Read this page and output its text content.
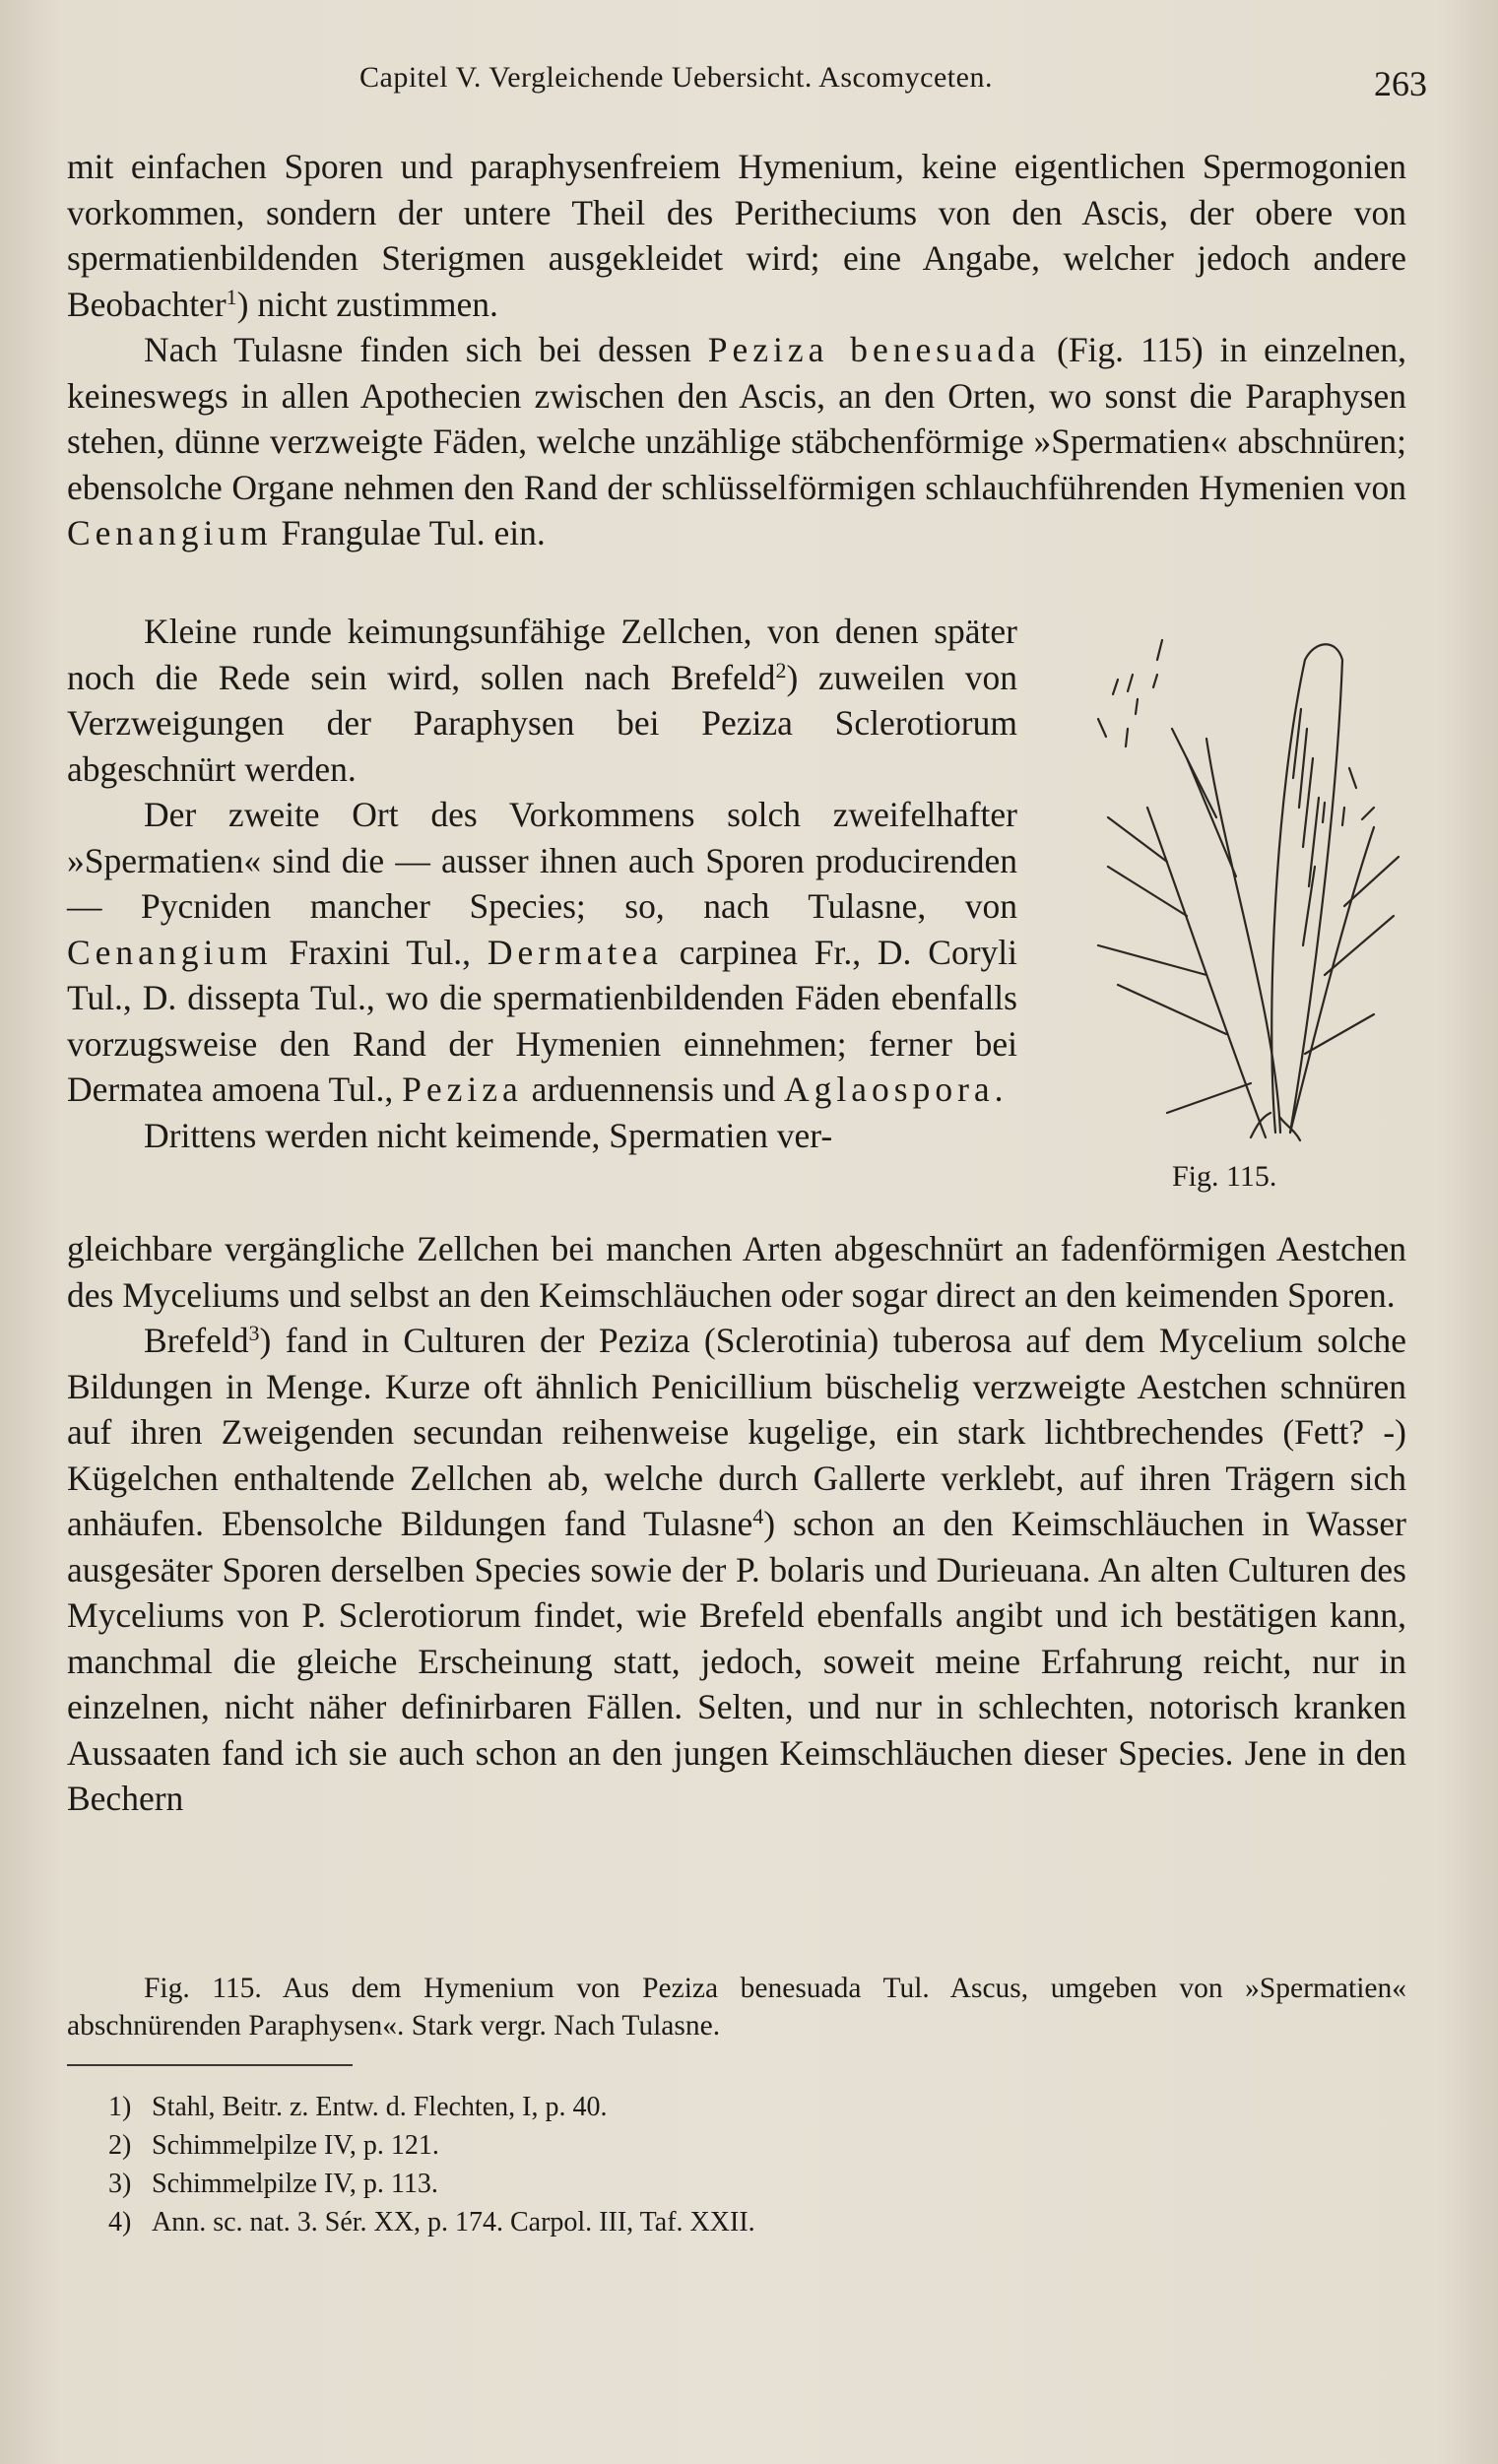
Capitel V. Vergleichende Uebersicht. Ascomyceten.	263
mit einfachen Sporen und paraphysenfreiem Hymenium, keine eigentlichen Spermogonien vorkommen, sondern der untere Theil des Peritheciums von den Ascis, der obere von spermatienbildenden Sterigmen ausgekleidet wird; eine Angabe, welcher jedoch andere Beobachter$^1$) nicht zustimmen.
Nach Tulasne finden sich bei dessen Peziza benesuada (Fig. 115) in einzelnen, keineswegs in allen Apothecien zwischen den Ascis, an den Orten, wo sonst die Paraphysen stehen, dünne verzweigte Fäden, welche unzählige stäbchenförmige »Spermatien« abschnüren; ebensolche Organe nehmen den Rand der schlüsselförmigen schlauchführenden Hymenien von Cenangium Frangulae Tul. ein.
Kleine runde keimungsunfähige Zellchen, von denen später noch die Rede sein wird, sollen nach Brefeld$^2$) zuweilen von Verzweigungen der Paraphysen bei Peziza Sclerotiorum abgeschnürt werden.
Der zweite Ort des Vorkommens solch zweifelhafter »Spermatien« sind die — ausser ihnen auch Sporen producirenden — Pycniden mancher Species; so, nach Tulasne, von Cenangium Fraxini Tul., Dermatea carpinea Fr., D. Coryli Tul., D. dissepta Tul., wo die spermatienbildenden Fäden ebenfalls vorzugsweise den Rand der Hymenien einnehmen; ferner bei Dermatea amoena Tul., Peziza arduennensis und Aglaospora.
Drittens werden nicht keimende, Spermatien ver-
Fig. 115.
gleichbare vergängliche Zellchen bei manchen Arten abgeschnürt an fadenförmigen Aestchen des Myceliums und selbst an den Keimschläuchen oder sogar direct an den keimenden Sporen.
Brefeld$^3$) fand in Culturen der Peziza (Sclerotinia) tuberosa auf dem Mycelium solche Bildungen in Menge. Kurze oft ähnlich Penicillium büschelig verzweigte Aestchen schnüren auf ihren Zweigenden secundan reihenweise kugelige, ein stark lichtbrechendes (Fett? -) Kügelchen enthaltende Zellchen ab, welche durch Gallerte verklebt, auf ihren Trägern sich anhäufen. Ebensolche Bildungen fand Tulasne$^4$) schon an den Keimschläuchen in Wasser ausgesäter Sporen derselben Species sowie der P. bolaris und Durieuana. An alten Culturen des Myceliums von P. Sclerotiorum findet, wie Brefeld ebenfalls angibt und ich bestätigen kann, manchmal die gleiche Erscheinung statt, jedoch, soweit meine Erfahrung reicht, nur in einzelnen, nicht näher definirbaren Fällen. Selten, und nur in schlechten, notorisch kranken Aussaaten fand ich sie auch schon an den jungen Keimschläuchen dieser Species. Jene in den Bechern
Fig. 115. Aus dem Hymenium von Peziza benesuada Tul. Ascus, umgeben von »Spermatien« abschnürenden Paraphysen«. Stark vergr. Nach Tulasne.
1) Stahl, Beitr. z. Entw. d. Flechten, I, p. 40.
2) Schimmelpilze IV, p. 121.
3) Schimmelpilze IV, p. 113.
4) Ann. sc. nat. 3. Sér. XX, p. 174. Carpol. III, Taf. XXII.
